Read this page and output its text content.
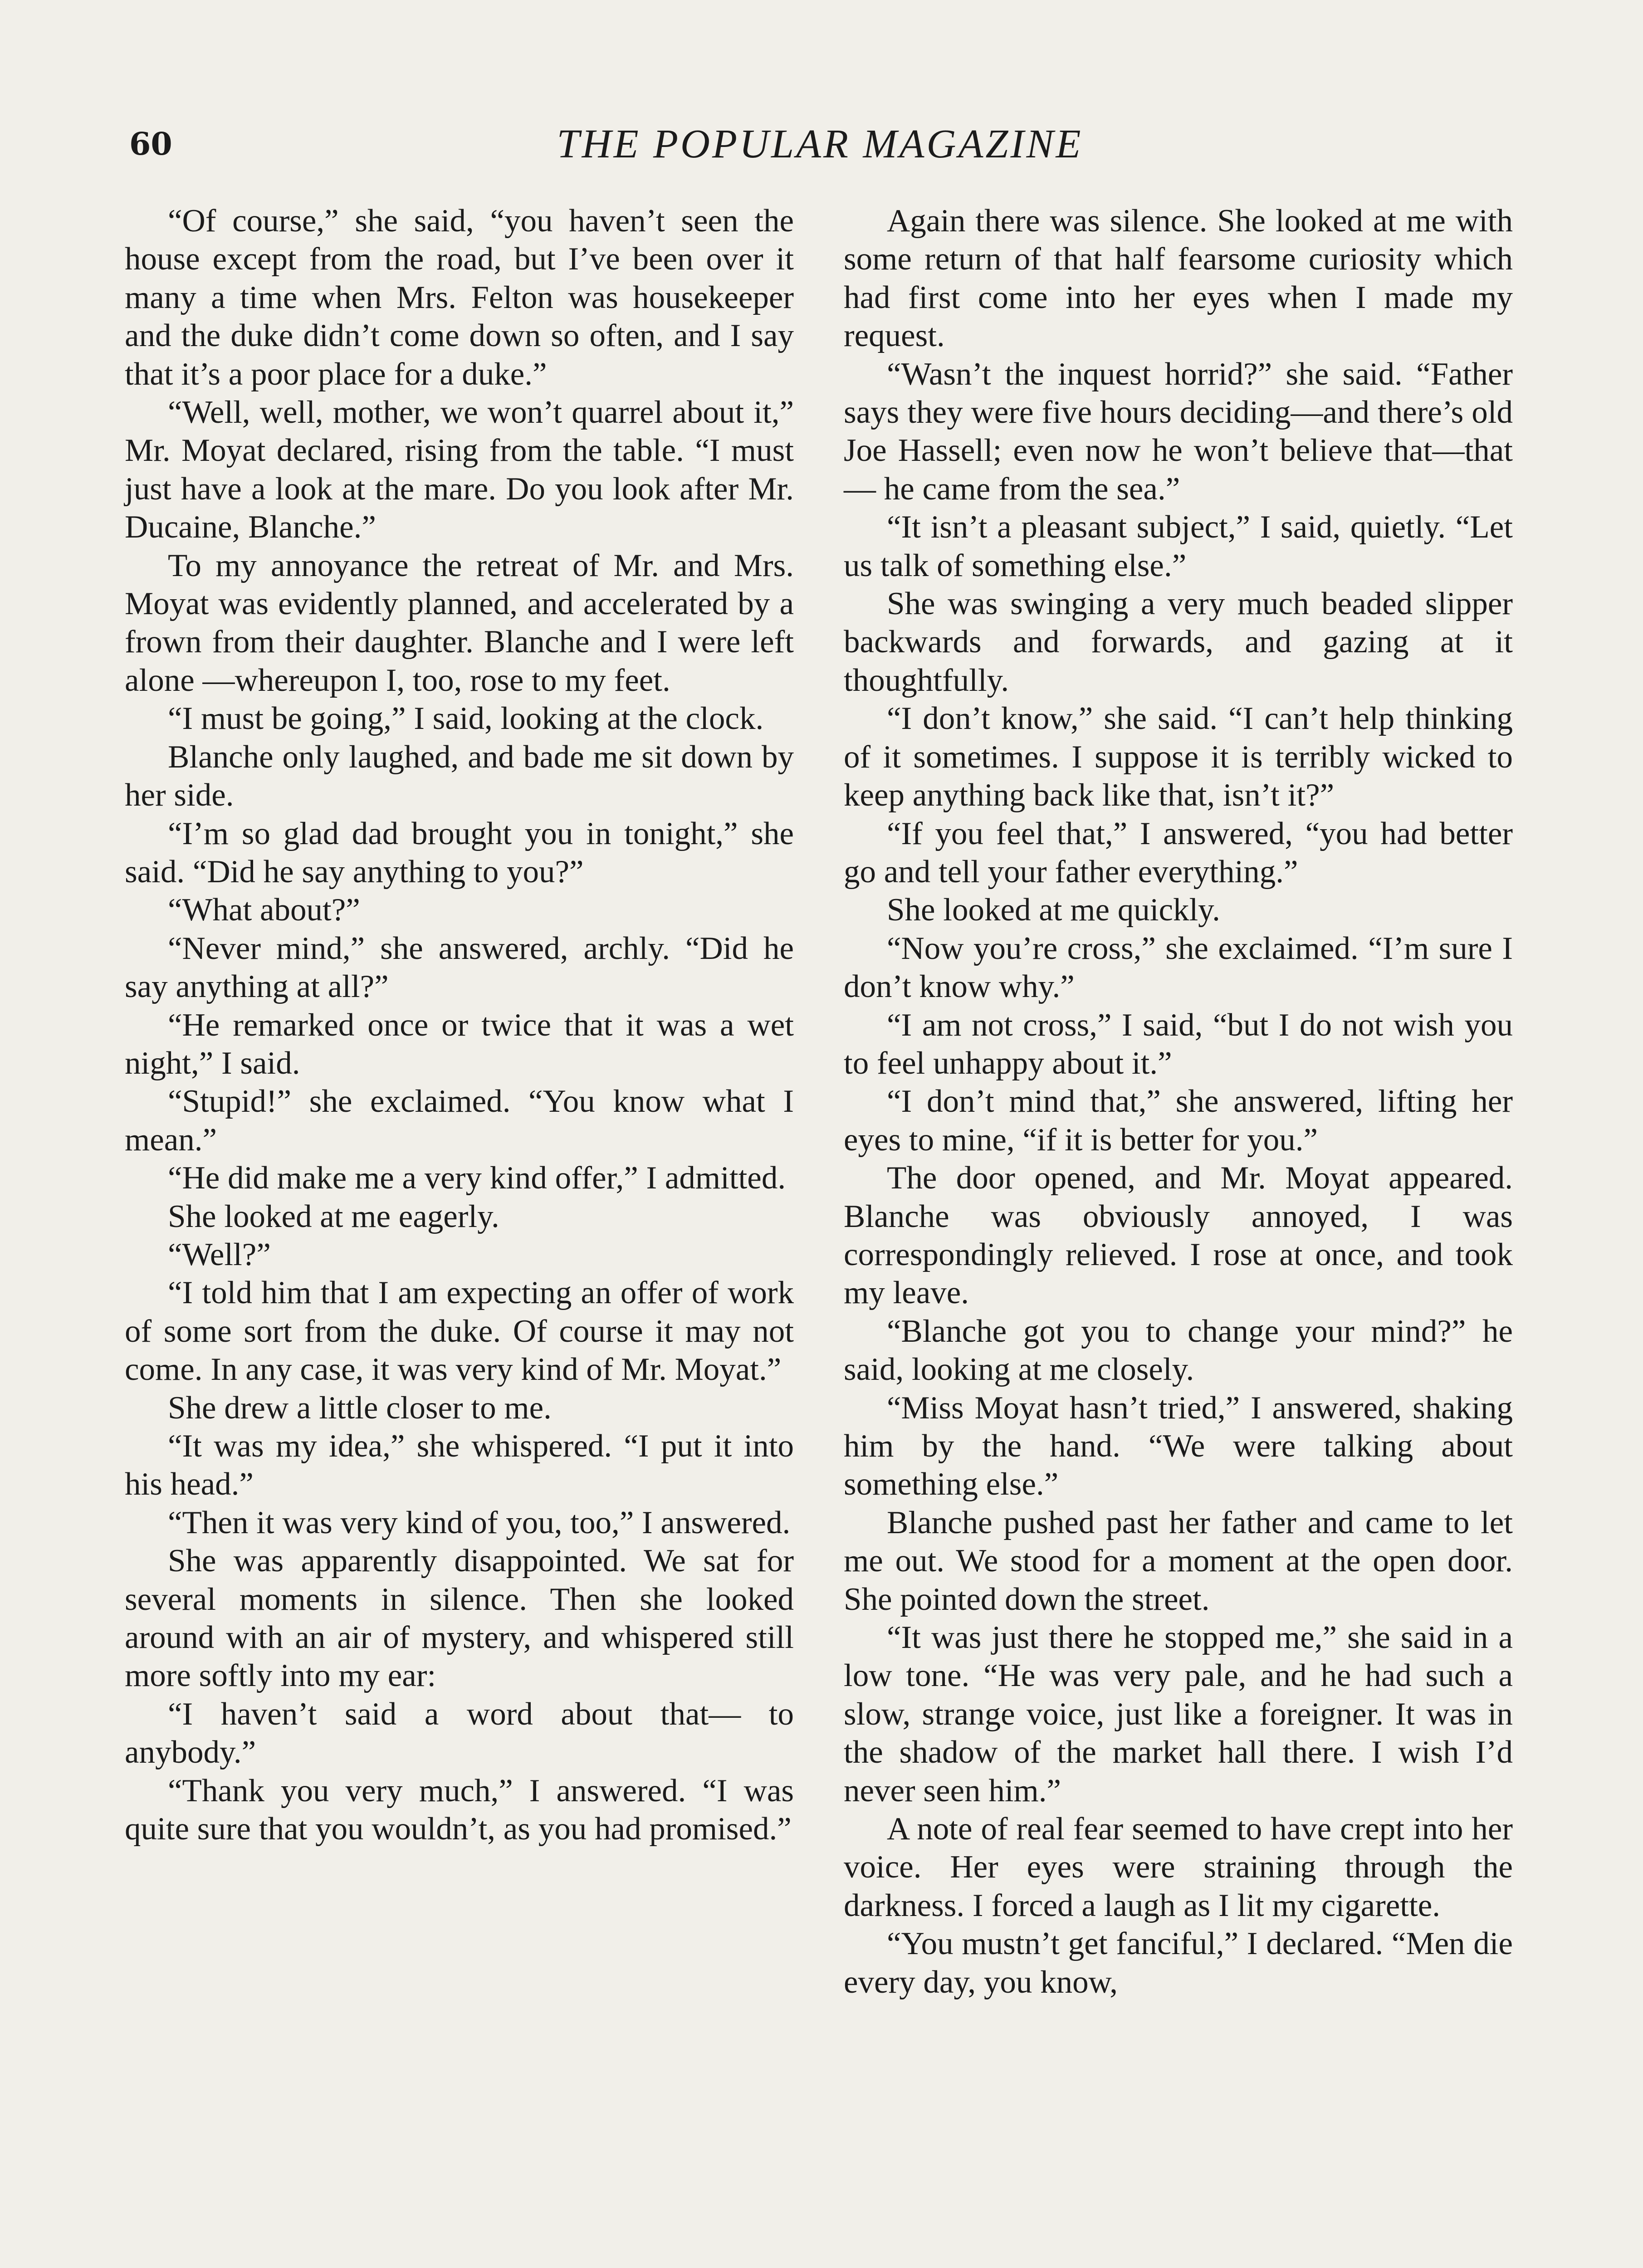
60	THE POPULAR MAGAZINE

“Of course,” she said, “you haven’t seen the house except from the road, but I’ve been over it many a time when Mrs. Felton was housekeeper and the duke didn’t come down so often, and I say that it’s a poor place for a duke.”

“Well, well, mother, we won’t quarrel about it,” Mr. Moyat declared, rising from the table. “I must just have a look at the mare. Do you look after Mr. Ducaine, Blanche.”

To my annoyance the retreat of Mr. and Mrs. Moyat was evidently planned, and accelerated by a frown from their daughter. Blanche and I were left alone —whereupon I, too, rose to my feet.

“I must be going,” I said, looking at the clock.

Blanche only laughed, and bade me sit down by her side.

“I’m so glad dad brought you in tonight,” she said. “Did he say anything to you?”

“What about?”

“Never mind,” she answered, archly. “Did he say anything at all?”

“He remarked once or twice that it was a wet night,” I said.

“Stupid!” she exclaimed. “You know what I mean.”

“He did make me a very kind offer,” I admitted.

She looked at me eagerly.

“Well?”

“I told him that I am expecting an offer of work of some sort from the duke. Of course it may not come. In any case, it was very kind of Mr. Moyat.”

She drew a little closer to me.

“It was my idea,” she whispered. “I put it into his head.”

“Then it was very kind of you, too,” I answered.

She was apparently disappointed. We sat for several moments in silence. Then she looked around with an air of mystery, and whispered still more softly into my ear:

“I haven’t said a word about that— to anybody.”

“Thank you very much,” I answered. “I was quite sure that you wouldn’t, as you had promised.”

Again there was silence. She looked at me with some return of that half fearsome curiosity which had first come into her eyes when I made my request.

“Wasn’t the inquest horrid?” she said. “Father says they were five hours deciding—and there’s old Joe Hassell; even now he won’t believe that—that— he came from the sea.”

“It isn’t a pleasant subject,” I said, quietly. “Let us talk of something else.”

She was swinging a very much beaded slipper backwards and forwards, and gazing at it thoughtfully.

“I don’t know,” she said. “I can’t help thinking of it sometimes. I suppose it is terribly wicked to keep anything back like that, isn’t it?”

“If you feel that,” I answered, “you had better go and tell your father everything.”

She looked at me quickly.

“Now you’re cross,” she exclaimed. “I’m sure I don’t know why.”

“I am not cross,” I said, “but I do not wish you to feel unhappy about it.”

“I don’t mind that,” she answered, lifting her eyes to mine, “if it is better for you.”

The door opened, and Mr. Moyat appeared. Blanche was obviously annoyed, I was correspondingly relieved. I rose at once, and took my leave.

“Blanche got you to change your mind?” he said, looking at me closely.

“Miss Moyat hasn’t tried,” I answered, shaking him by the hand. “We were talking about something else.”

Blanche pushed past her father and came to let me out. We stood for a moment at the open door. She pointed down the street.

“It was just there he stopped me,” she said in a low tone. “He was very pale, and he had such a slow, strange voice, just like a foreigner. It was in the shadow of the market hall there. I wish I’d never seen him.”

A note of real fear seemed to have crept into her voice. Her eyes were straining through the darkness. I forced a laugh as I lit my cigarette.

“You mustn’t get fanciful,” I declared. “Men die every day, you know,
